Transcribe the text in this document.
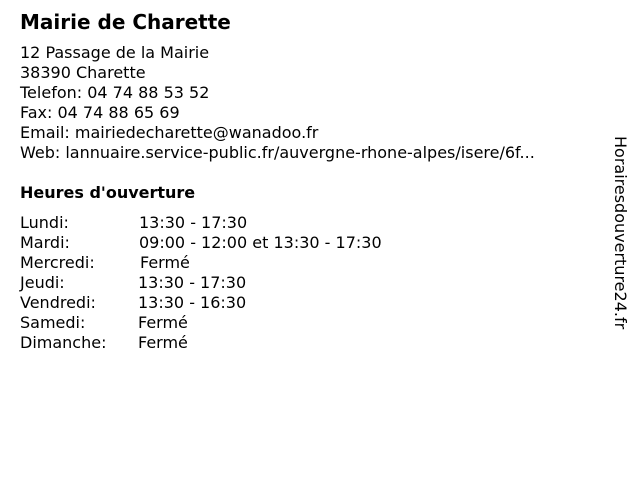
Mairie de Charette
12 Passage de la Mairie
38390 Charette
Telefon: 04 74 88 53 52
Fax: 04 74 88 65 69
Email: mairiedecharette@wanadoo.fr
Web: lannuaire.service-public.fr/auvergne-rhone-alpes/isere/6f...
Heures d'ouverture
Lundi:	13:30 - 17:30
Mardi:	09:00 - 12:00 et 13:30 - 17:30
Mercredi:	Fermé
Jeudi:	13:30 - 17:30
Vendredi:	13:30 - 16:30
Samedi:	Fermé
Dimanche: Fermé
Horairesdouverture24.fr
